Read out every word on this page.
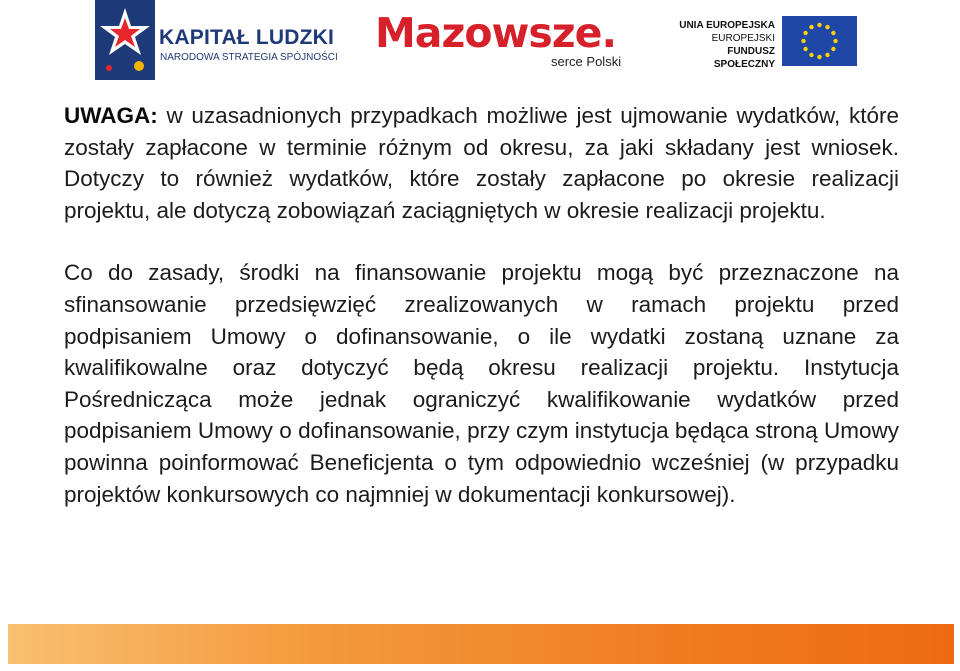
KAPITAŁ LUDZKI
NARODOWA STRATEGIA SPÓJNOŚCI
Mazowsze.
serce Polski
UNIA EUROPEJSKA
EUROPEJSKI
FUNDUSZ SPOŁECZNY

UWAGA: w uzasadnionych przypadkach możliwe jest ujmowanie wydatków, które zostały zapłacone w terminie różnym od okresu, za jaki składany jest wniosek. Dotyczy to również wydatków, które zostały zapłacone po okresie realizacji projektu, ale dotyczą zobowiązań zaciągniętych w okresie realizacji projektu.

Co do zasady, środki na finansowanie projektu mogą być przeznaczone na sfinansowanie przedsięwzięć zrealizowanych w ramach projektu przed podpisaniem Umowy o dofinansowanie, o ile wydatki zostaną uznane za kwalifikowalne oraz dotyczyć będą okresu realizacji projektu. Instytucja Pośrednicząca może jednak ograniczyć kwalifikowanie wydatków przed podpisaniem Umowy o dofinansowanie, przy czym instytucja będąca stroną Umowy powinna poinformować Beneficjenta o tym odpowiednio wcześniej (w przypadku projektów konkursowych co najmniej w dokumentacji konkursowej).
